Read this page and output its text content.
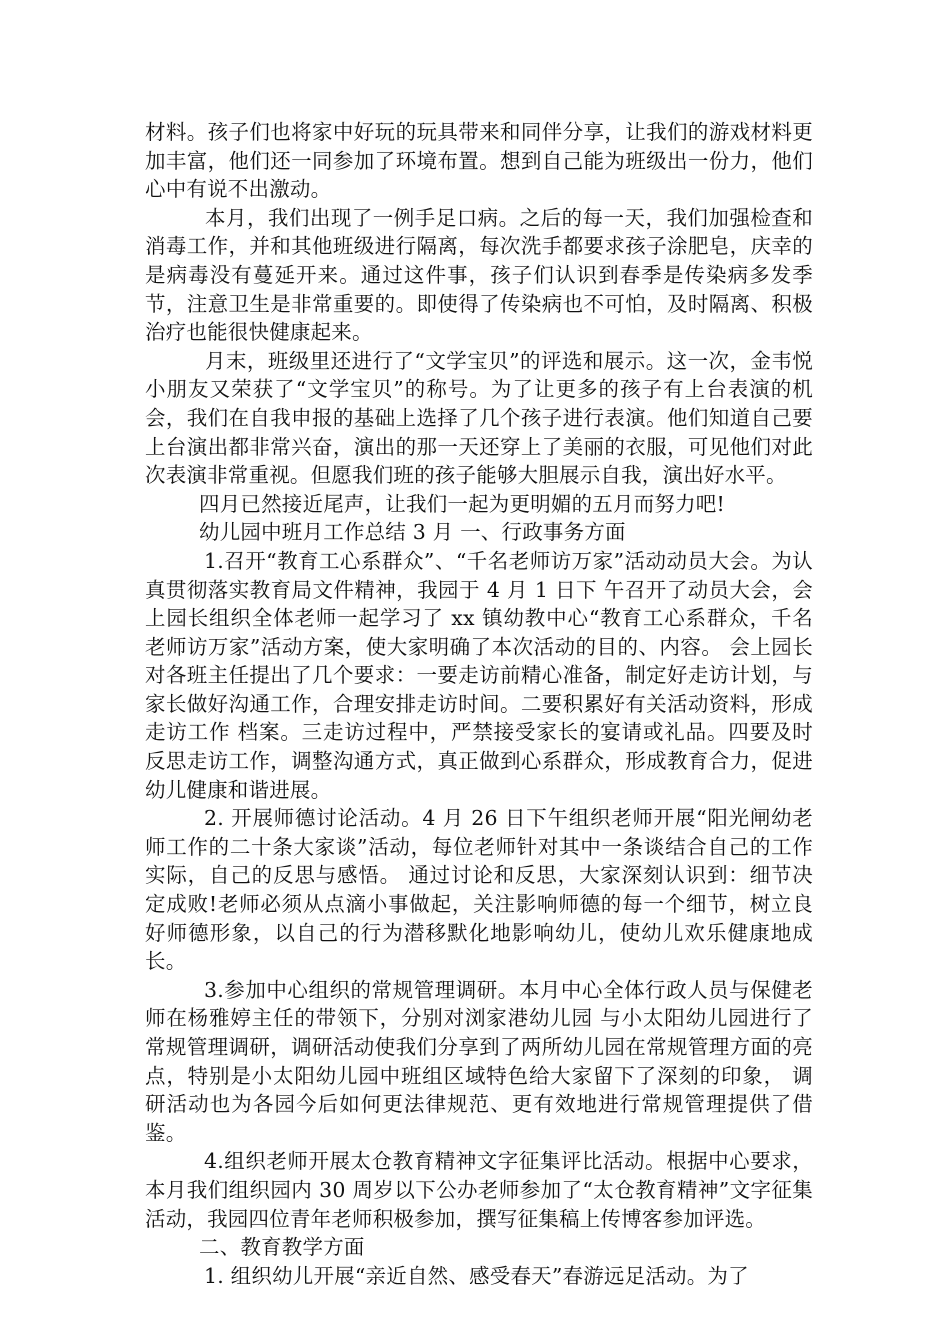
材料。孩子们也将家中好玩的玩具带来和同伴分享，让我们的游戏材料更加丰富，他们还一同参加了环境布置。想到自己能为班级出一份力，他们心中有说不出激动。

本月，我们出现了一例手足口病。之后的每一天，我们加强检查和消毒工作，并和其他班级进行隔离，每次洗手都要求孩子涂肥皂，庆幸的是病毒没有蔓延开来。通过这件事，孩子们认识到春季是传染病多发季节，注意卫生是非常重要的。即使得了传染病也不可怕，及时隔离、积极治疗也能很快健康起来。

月末，班级里还进行了“文学宝贝”的评选和展示。这一次，金韦悦小朋友又荣获了“文学宝贝”的称号。为了让更多的孩子有上台表演的机会，我们在自我申报的基础上选择了几个孩子进行表演。他们知道自己要上台演出都非常兴奋，演出的那一天还穿上了美丽的衣服，可见他们对此次表演非常重视。但愿我们班的孩子能够大胆展示自我，演出好水平。

四月已然接近尾声，让我们一起为更明媚的五月而努力吧!

幼儿园中班月工作总结 3 月 一、行政事务方面

1.召开“教育工心系群众”、“千名老师访万家”活动动员大会。为认真贯彻落实教育局文件精神，我园于 4 月 1 日下 午召开了动员大会，会上园长组织全体老师一起学习了 xx 镇幼教中心“教育工心系群众，千名老师访万家”活动方案，使大家明确了本次活动的目的、内容。 会上园长对各班主任提出了几个要求：一要走访前精心准备，制定好走访计划，与家长做好沟通工作，合理安排走访时间。二要积累好有关活动资料，形成走访工作 档案。三走访过程中，严禁接受家长的宴请或礼品。四要及时反思走访工作，调整沟通方式，真正做到心系群众，形成教育合力，促进幼儿健康和谐进展。

2. 开展师德讨论活动。4 月 26 日下午组织老师开展“阳光闸幼老师工作的二十条大家谈”活动，每位老师针对其中一条谈结合自己的工作实际，自己的反思与感悟。 通过讨论和反思，大家深刻认识到：细节决定成败!老师必须从点滴小事做起，关注影响师德的每一个细节，树立良好师德形象，以自己的行为潜移默化地影响幼儿，使幼儿欢乐健康地成长。

3.参加中心组织的常规管理调研。本月中心全体行政人员与保健老师在杨雅婷主任的带领下，分别对浏家港幼儿园 与小太阳幼儿园进行了常规管理调研，调研活动使我们分享到了两所幼儿园在常规管理方面的亮点，特别是小太阳幼儿园中班组区域特色给大家留下了深刻的印象， 调研活动也为各园今后如何更法律规范、更有效地进行常规管理提供了借鉴。

4.组织老师开展太仓教育精神文字征集评比活动。根据中心要求，本月我们组织园内 30 周岁以下公办老师参加了“太仓教育精神”文字征集活动，我园四位青年老师积极参加，撰写征集稿上传博客参加评选。

二、教育教学方面

1. 组织幼儿开展“亲近自然、感受春天”春游远足活动。为了
